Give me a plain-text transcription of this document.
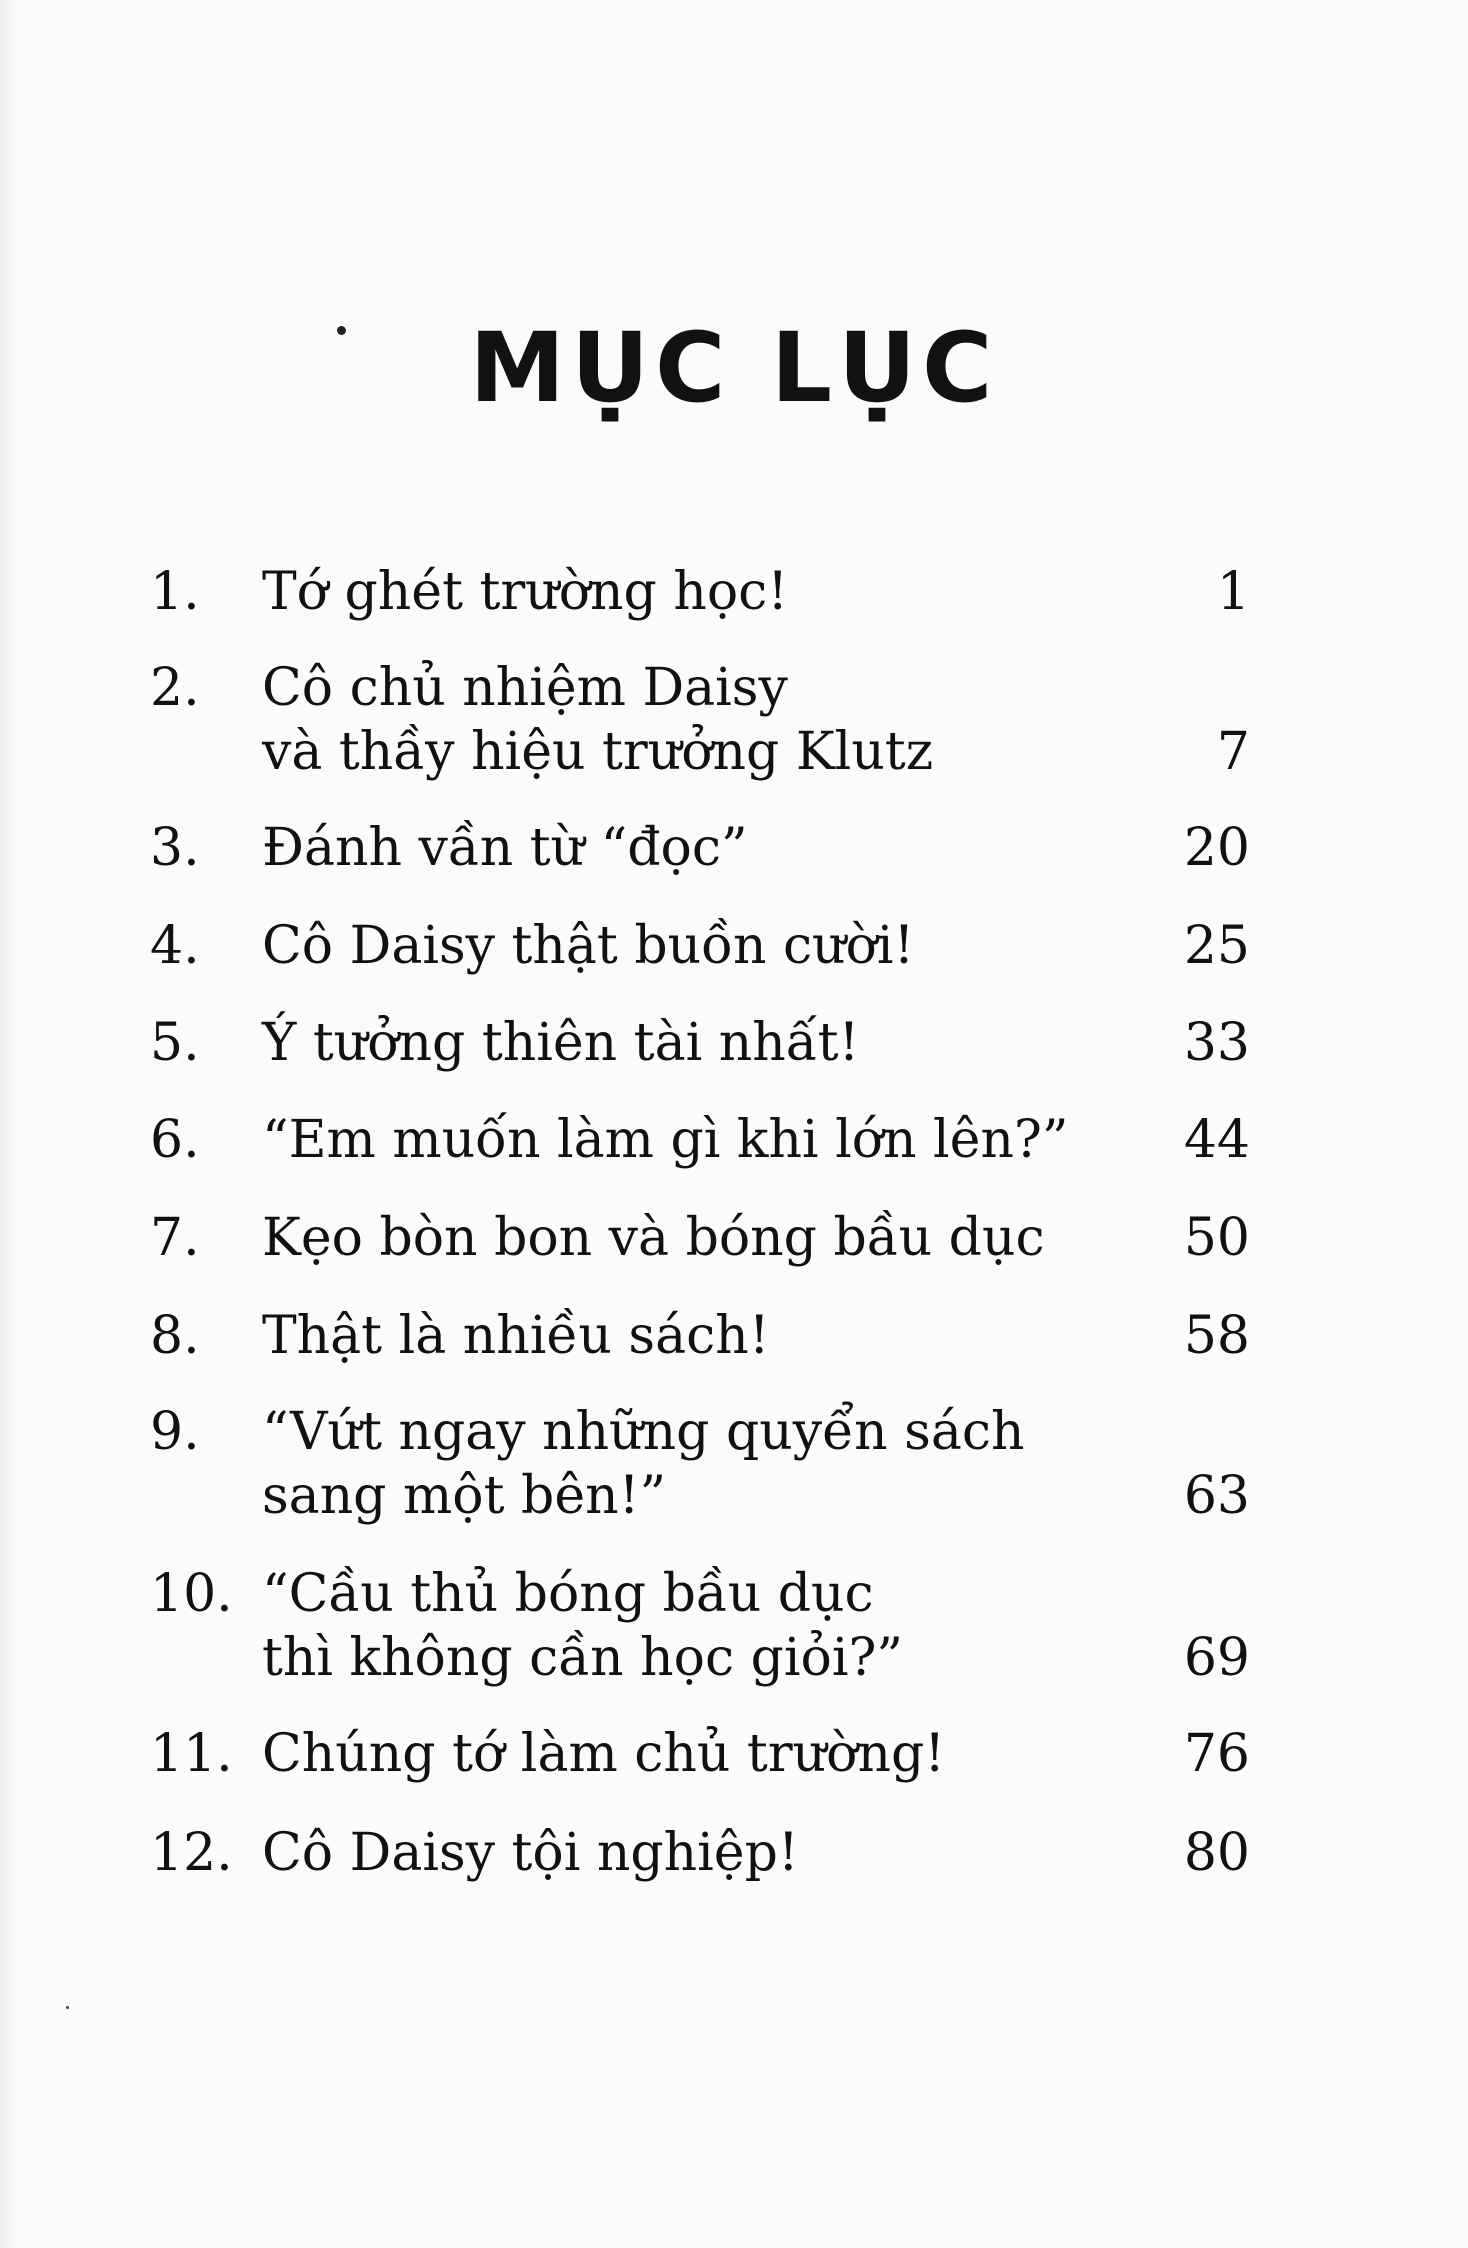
MỤC LỤC
1. Tớ ghét trường học!	1
2. Cô chủ nhiệm Daisy
và thầy hiệu trưởng Klutz	7
3. Đánh vần từ “đọc”	20
4. Cô Daisy thật buồn cười!	25
5. Ý tưởng thiên tài nhất!	33
6. “Em muốn làm gì khi lớn lên?”	44
7. Kẹo bòn bon và bóng bầu dục	50
8. Thật là nhiều sách!	58
9. “Vứt ngay những quyển sách
sang một bên!”	63
10. “Cầu thủ bóng bầu dục
thì không cần học giỏi?”	69
11. Chúng tớ làm chủ trường!	76
12. Cô Daisy tội nghiệp!	80
